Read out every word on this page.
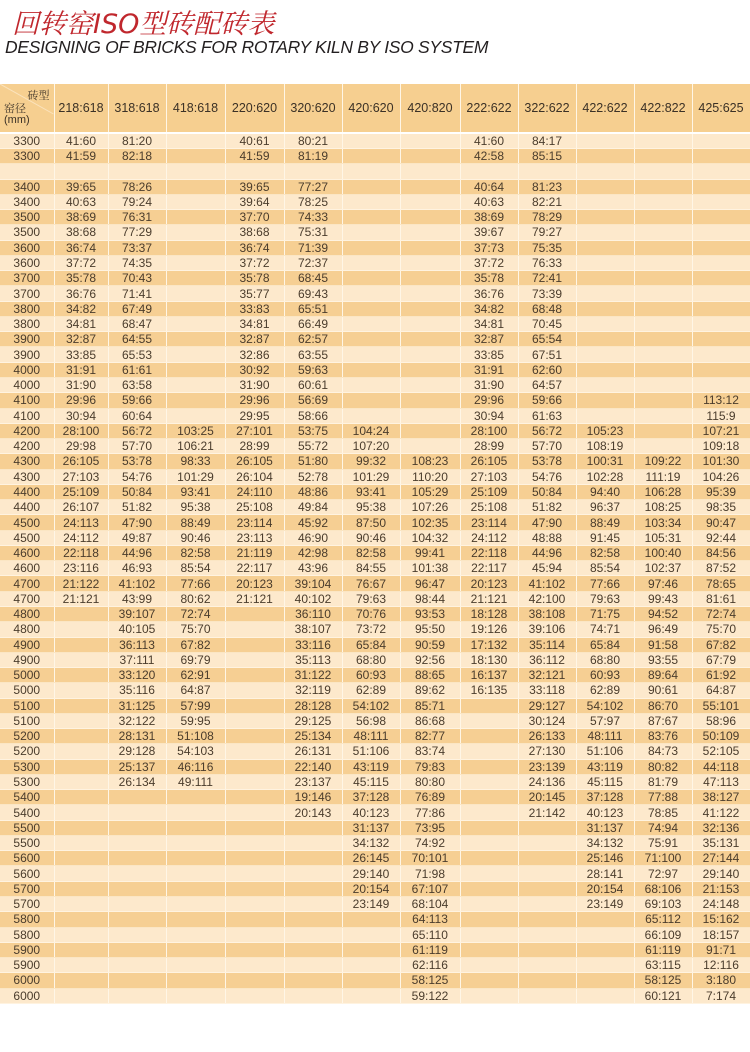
回转窑ISO型砖配砖表
DESIGNING OF BRICKS FOR ROTARY KILN BY ISO SYSTEM
砖型
窑径
(mm)	218:618	318:618	418:618	220:620	320:620	420:620	420:820	222:622	322:622	422:622	422:822	425:625
3300	41:60	81:20		40:61	80:21			41:60	84:17			
3300	41:59	82:18		41:59	81:19			42:58	85:15			

3400	39:65	78:26		39:65	77:27			40:64	81:23			
3400	40:63	79:24		39:64	78:25			40:63	82:21			
3500	38:69	76:31		37:70	74:33			38:69	78:29			
3500	38:68	77:29		38:68	75:31			39:67	79:27			
3600	36:74	73:37		36:74	71:39			37:73	75:35			
3600	37:72	74:35		37:72	72:37			37:72	76:33			
3700	35:78	70:43		35:78	68:45			35:78	72:41			
3700	36:76	71:41		35:77	69:43			36:76	73:39			
3800	34:82	67:49		33:83	65:51			34:82	68:48			
3800	34:81	68:47		34:81	66:49			34:81	70:45			
3900	32:87	64:55		32:87	62:57			32:87	65:54			
3900	33:85	65:53		32:86	63:55			33:85	67:51			
4000	31:91	61:61		30:92	59:63			31:91	62:60			
4000	31:90	63:58		31:90	60:61			31:90	64:57			
4100	29:96	59:66		29:96	56:69			29:96	59:66			113:12
4100	30:94	60:64		29:95	58:66			30:94	61:63			115:9
4200	28:100	56:72	103:25	27:101	53:75	104:24		28:100	56:72	105:23		107:21
4200	29:98	57:70	106:21	28:99	55:72	107:20		28:99	57:70	108:19		109:18
4300	26:105	53:78	98:33	26:105	51:80	99:32	108:23	26:105	53:78	100:31	109:22	101:30
4300	27:103	54:76	101:29	26:104	52:78	101:29	110:20	27:103	54:76	102:28	111:19	104:26
4400	25:109	50:84	93:41	24:110	48:86	93:41	105:29	25:109	50:84	94:40	106:28	95:39
4400	26:107	51:82	95:38	25:108	49:84	95:38	107:26	25:108	51:82	96:37	108:25	98:35
4500	24:113	47:90	88:49	23:114	45:92	87:50	102:35	23:114	47:90	88:49	103:34	90:47
4500	24:112	49:87	90:46	23:113	46:90	90:46	104:32	24:112	48:88	91:45	105:31	92:44
4600	22:118	44:96	82:58	21:119	42:98	82:58	99:41	22:118	44:96	82:58	100:40	84:56
4600	23:116	46:93	85:54	22:117	43:96	84:55	101:38	22:117	45:94	85:54	102:37	87:52
4700	21:122	41:102	77:66	20:123	39:104	76:67	96:47	20:123	41:102	77:66	97:46	78:65
4700	21:121	43:99	80:62	21:121	40:102	79:63	98:44	21:121	42:100	79:63	99:43	81:61
4800		39:107	72:74		36:110	70:76	93:53	18:128	38:108	71:75	94:52	72:74
4800		40:105	75:70		38:107	73:72	95:50	19:126	39:106	74:71	96:49	75:70
4900		36:113	67:82		33:116	65:84	90:59	17:132	35:114	65:84	91:58	67:82
4900		37:111	69:79		35:113	68:80	92:56	18:130	36:112	68:80	93:55	67:79
5000		33:120	62:91		31:122	60:93	88:65	16:137	32:121	60:93	89:64	61:92
5000		35:116	64:87		32:119	62:89	89:62	16:135	33:118	62:89	90:61	64:87
5100		31:125	57:99		28:128	54:102	85:71		29:127	54:102	86:70	55:101
5100		32:122	59:95		29:125	56:98	86:68		30:124	57:97	87:67	58:96
5200		28:131	51:108		25:134	48:111	82:77		26:133	48:111	83:76	50:109
5200		29:128	54:103		26:131	51:106	83:74		27:130	51:106	84:73	52:105
5300		25:137	46:116		22:140	43:119	79:83		23:139	43:119	80:82	44:118
5300		26:134	49:111		23:137	45:115	80:80		24:136	45:115	81:79	47:113
5400					19:146	37:128	76:89		20:145	37:128	77:88	38:127
5400					20:143	40:123	77:86		21:142	40:123	78:85	41:122
5500						31:137	73:95			31:137	74:94	32:136
5500						34:132	74:92			34:132	75:91	35:131
5600						26:145	70:101			25:146	71:100	27:144
5600						29:140	71:98			28:141	72:97	29:140
5700						20:154	67:107			20:154	68:106	21:153
5700						23:149	68:104			23:149	69:103	24:148
5800							64:113				65:112	15:162
5800							65:110				66:109	18:157
5900							61:119				61:119	91:71
5900							62:116				63:115	12:116
6000							58:125				58:125	3:180
6000							59:122				60:121	7:174
